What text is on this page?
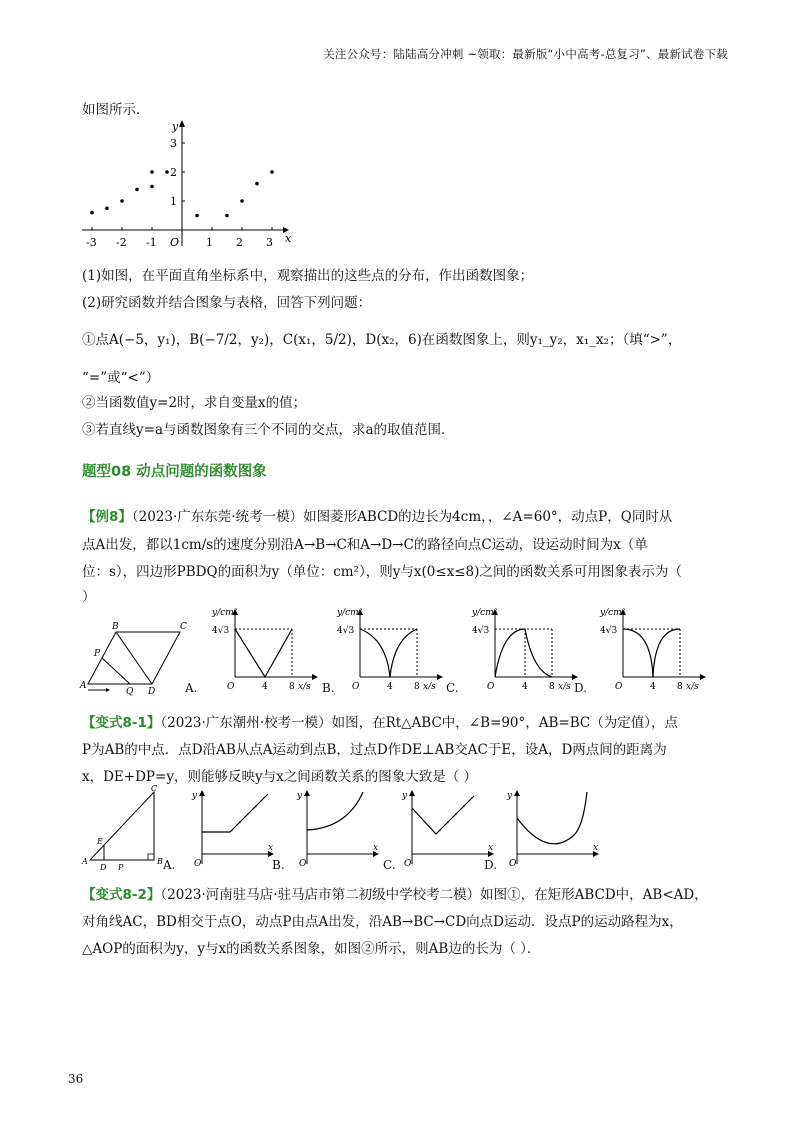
关注公众号：陆陆高分冲刺 ~领取：最新版“小中高考-总复习”、最新试卷下载
如图所示．
y
x
-3 -2 -1 O 1 2 3
3
2
1
(1)如图，在平面直角坐标系中，观察描出的这些点的分布，作出函数图象；
(2)研究函数并结合图象与表格，回答下列问题：
①点A(−5，y₁)，B(−7/2，y₂)，C(x₁，5/2)，D(x₂，6)在函数图象上，则y₁_y₂，x₁_x₂；（填“>”，
“=”或“<”）
②当函数值y=2时，求自变量x的值；
③若直线y=a与函数图象有三个不同的交点，求a的取值范围．
题型08 动点问题的函数图象
【例8】（2023·广东东莞·统考一模）如图菱形ABCD的边长为4cm，，∠A=60°，动点P，Q同时从
点A出发，都以1cm/s的速度分别沿A→B→C和A→D→C的路径向点C运动，设运动时间为x（单
位：s），四边形PBDQ的面积为y（单位：cm²），则y与x(0≤x≤8)之间的函数关系可用图象表示为（
）
A
B	C
D
P
Q	A.
y/cm²
x/s
4√3
O	4 8
y/cm²
x/s
4√3
O	4 8
B.
y/cm²
x/s
4√3
O	4 8
C.
y/cm²
x/s
4√3
O	4 8
D.
【变式8-1】（2023·广东潮州·校考一模）如图，在Rt△ABC中，∠B=90°，AB=BC（为定值），点
P为AB的中点．点D沿AB从点A运动到点B，过点D作DE⊥AB交AC于E，设A，D两点间的距离为
x，DE+DP=y，则能够反映y与x之间函数关系的图象大致是（ ）
A	B
C
D P
E
A.
y
x
O	B.
y
x
O	C.
y
x
O	D.
y
x
O
【变式8-2】（2023·河南驻马店·驻马店市第二初级中学校考二模）如图①，在矩形ABCD中，AB<AD，
对角线AC，BD相交于点O，动点P由点A出发，沿AB→BC→CD向点D运动．设点P的运动路程为x，
△AOP的面积为y，y与x的函数关系图象，如图②所示，则AB边的长为（ ）．
36
